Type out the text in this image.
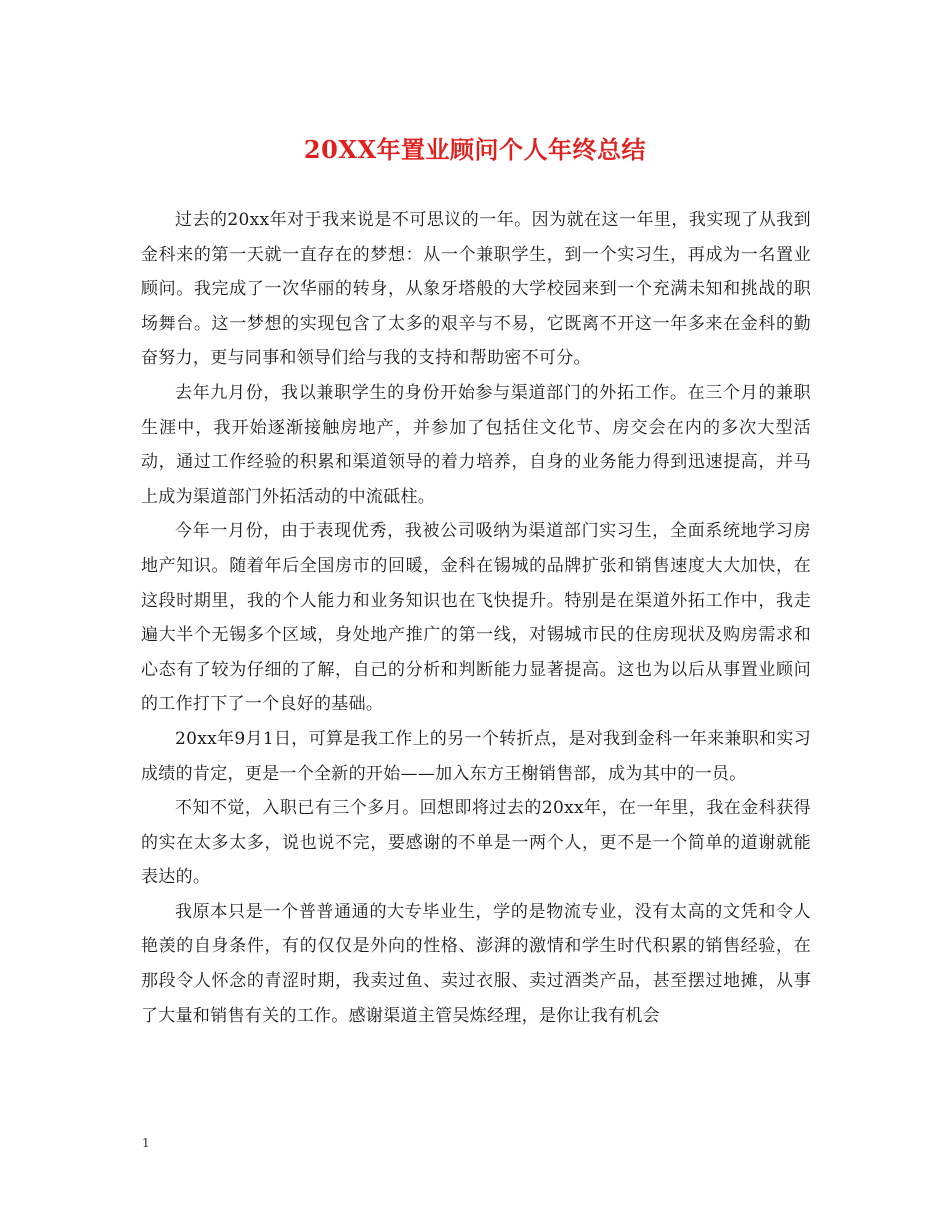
20XX年置业顾问个人年终总结

过去的20xx年对于我来说是不可思议的一年。因为就在这一年里，我实现了从我到金科来的第一天就一直存在的梦想：从一个兼职学生，到一个实习生，再成为一名置业顾问。我完成了一次华丽的转身，从象牙塔般的大学校园来到一个充满未知和挑战的职场舞台。这一梦想的实现包含了太多的艰辛与不易，它既离不开这一年多来在金科的勤奋努力，更与同事和领导们给与我的支持和帮助密不可分。

去年九月份，我以兼职学生的身份开始参与渠道部门的外拓工作。在三个月的兼职生涯中，我开始逐渐接触房地产，并参加了包括住文化节、房交会在内的多次大型活动，通过工作经验的积累和渠道领导的着力培养，自身的业务能力得到迅速提高，并马上成为渠道部门外拓活动的中流砥柱。

今年一月份，由于表现优秀，我被公司吸纳为渠道部门实习生，全面系统地学习房地产知识。随着年后全国房市的回暖，金科在锡城的品牌扩张和销售速度大大加快，在这段时期里，我的个人能力和业务知识也在飞快提升。特别是在渠道外拓工作中，我走遍大半个无锡多个区域，身处地产推广的第一线，对锡城市民的住房现状及购房需求和心态有了较为仔细的了解，自己的分析和判断能力显著提高。这也为以后从事置业顾问的工作打下了一个良好的基础。

20xx年9月1日，可算是我工作上的另一个转折点，是对我到金科一年来兼职和实习成绩的肯定，更是一个全新的开始——加入东方王榭销售部，成为其中的一员。

不知不觉，入职已有三个多月。回想即将过去的20xx年，在一年里，我在金科获得的实在太多太多，说也说不完，要感谢的不单是一两个人，更不是一个简单的道谢就能表达的。

我原本只是一个普普通通的大专毕业生，学的是物流专业，没有太高的文凭和令人艳羡的自身条件，有的仅仅是外向的性格、澎湃的激情和学生时代积累的销售经验，在那段令人怀念的青涩时期，我卖过鱼、卖过衣服、卖过酒类产品，甚至摆过地摊，从事了大量和销售有关的工作。感谢渠道主管吴炼经理，是你让我有机会

1
